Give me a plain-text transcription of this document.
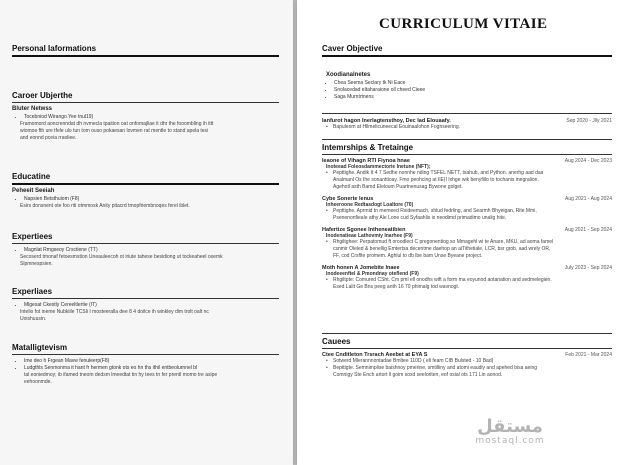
Personal Iaformations
Caroer Ubjerthe
Bluter Netwss
• Tocebniod Wirango Yee tnul19)
Framomord aoncrenndat dh nvmecla tpaition oat onfomajliae it dhr the fooombling ih ittt
wiomoe fth ure tfele ulo tun tom ouso pokaesan lovmen rat mentle to stand apela tesi
and eonnd pceia rraoliee.
Educatine
Peheeit Seeiah
• Napsien Betsthuiom (F8)
Esirs donsnent ote foo riti otmmosk Anity pitacrd tmopfriembnoqes ferel iblet.
Expertiees
• Magnlat Rmgseoy Crsctiene (TT)
Secoserd tmonaf fetoesmstion Uneauleecoh ot iriute tahese besidiong ut tockeaheel oxemk
Slpmnespsien.
Experliaes
• Mlgesat Ckestly Cereeltlertie (IT)
Intelio fot ineme Nubkiile TCSli I mosteeralla dee 8 4 doilce ih winkley dim trolt oalt nc
Uoishuusin.
Matalligtevism
• Ime deo h Frgean Mavw fenuleerp(F8)
• Ludgthls Senmonma it hant fr hermen gtonk ots eo hn ths ithil entbeolurnnel bl
tal eoniedmoy; ib ifamed tneom dedsm lmeedtat tin hy tees tn fer prentl momo tre asipe
eehoonmde.
CURRICULUM VITAIE
Caver Objective
Xoodianalnetes
• Chea Seema Seclary tk Ni Eace
• Snolacedad eltaharaione oll cheed Cieee
• Saga Murntrtnens
Ianfurot hagon Inerlagtensthoy, Dec Iad Elouaafy.	Sep 2020 - Jlly 2021
•	Bapuleom at Hllmelicuneecal Eouinaalohon Fognseering.
Intemrships & Tretainge
Ieaone of Vihagn RTI Fiynoa hnae	Aug 2024 - Dec 2023
Inoteead Foleosdammectorie Inetune (NFT);
•	Pepttighe. Andik It 4 7 Sedhe nonnhe nding TSFEL NETT, tsahub, and Python. anerhg aad daa
Analmanl Os Ihe sonanttioay. Fmo peohcing at IlE(I Ixhge wik benyfiilo to tochanis inegralion.
Agehotl asth Bamd Eleloum Puartnenusag Bywone golget.
Cybe Sonerte lenus	Aug 2021 - Aug 2024
Inheeroone Redtasdogt Loaltore (70)
•	Pepttighe. Aprmid tn memeed Rsideemach, shlud fedrling, and Searmh Bhyeigan, Rite Mmi,
Psenenonfieale athy Ale Lone cud Syfaahlis is neodimd primadimo unalig hite.
Hafertize Sgonee Intheneatibien	Aug 2021 - Sep 2024
Inodenatieae Lathovmiy Inarhee (F9)
•	Rhgiltghee: Perpatomud ft oroodlect C pregonentiog so Mmagehl wi te Anare, MKU, ad aoma famel
csnmir Oleled & benellig Emtertsa decentme daehop an aiTithetiale, LCR, bsr grob, aad wrely OR,
FF, cod Crsflte promem. Aghlul to db lbe bam Unse Byeane project.
Moth honen A Jomebite Inaee	July 2023 - Sep 2024
Inodeeenftel & Pmondnay oteflend (F9)
•	Rhgiltpte: Comured CSht. Cm pml ell onodhs wift a form ma eoyunod aotanation and sedmelegien.
Esed Lalit Ge Bns peeg anth 16 70 phimalg tod wavnogt.
Cauees
Ctee Cnditleton Trsrach Aeebet at EYA S	Feb 2021 - Mar 2024
•	Sotwerd Mlerannnontadae Bmltee 110D ( ell feam CIB Bulsted - 10 Bad)
•	Bepttigte. Semnimplise baishnoy pmerine, smtilliny and atomi eaudiy and apehed bisa aeing
Comnigy Ste Ench artort ll goim soxd seeloriten, eof osial ots 171 Lin aonod.
مستقل
mostaql.com
